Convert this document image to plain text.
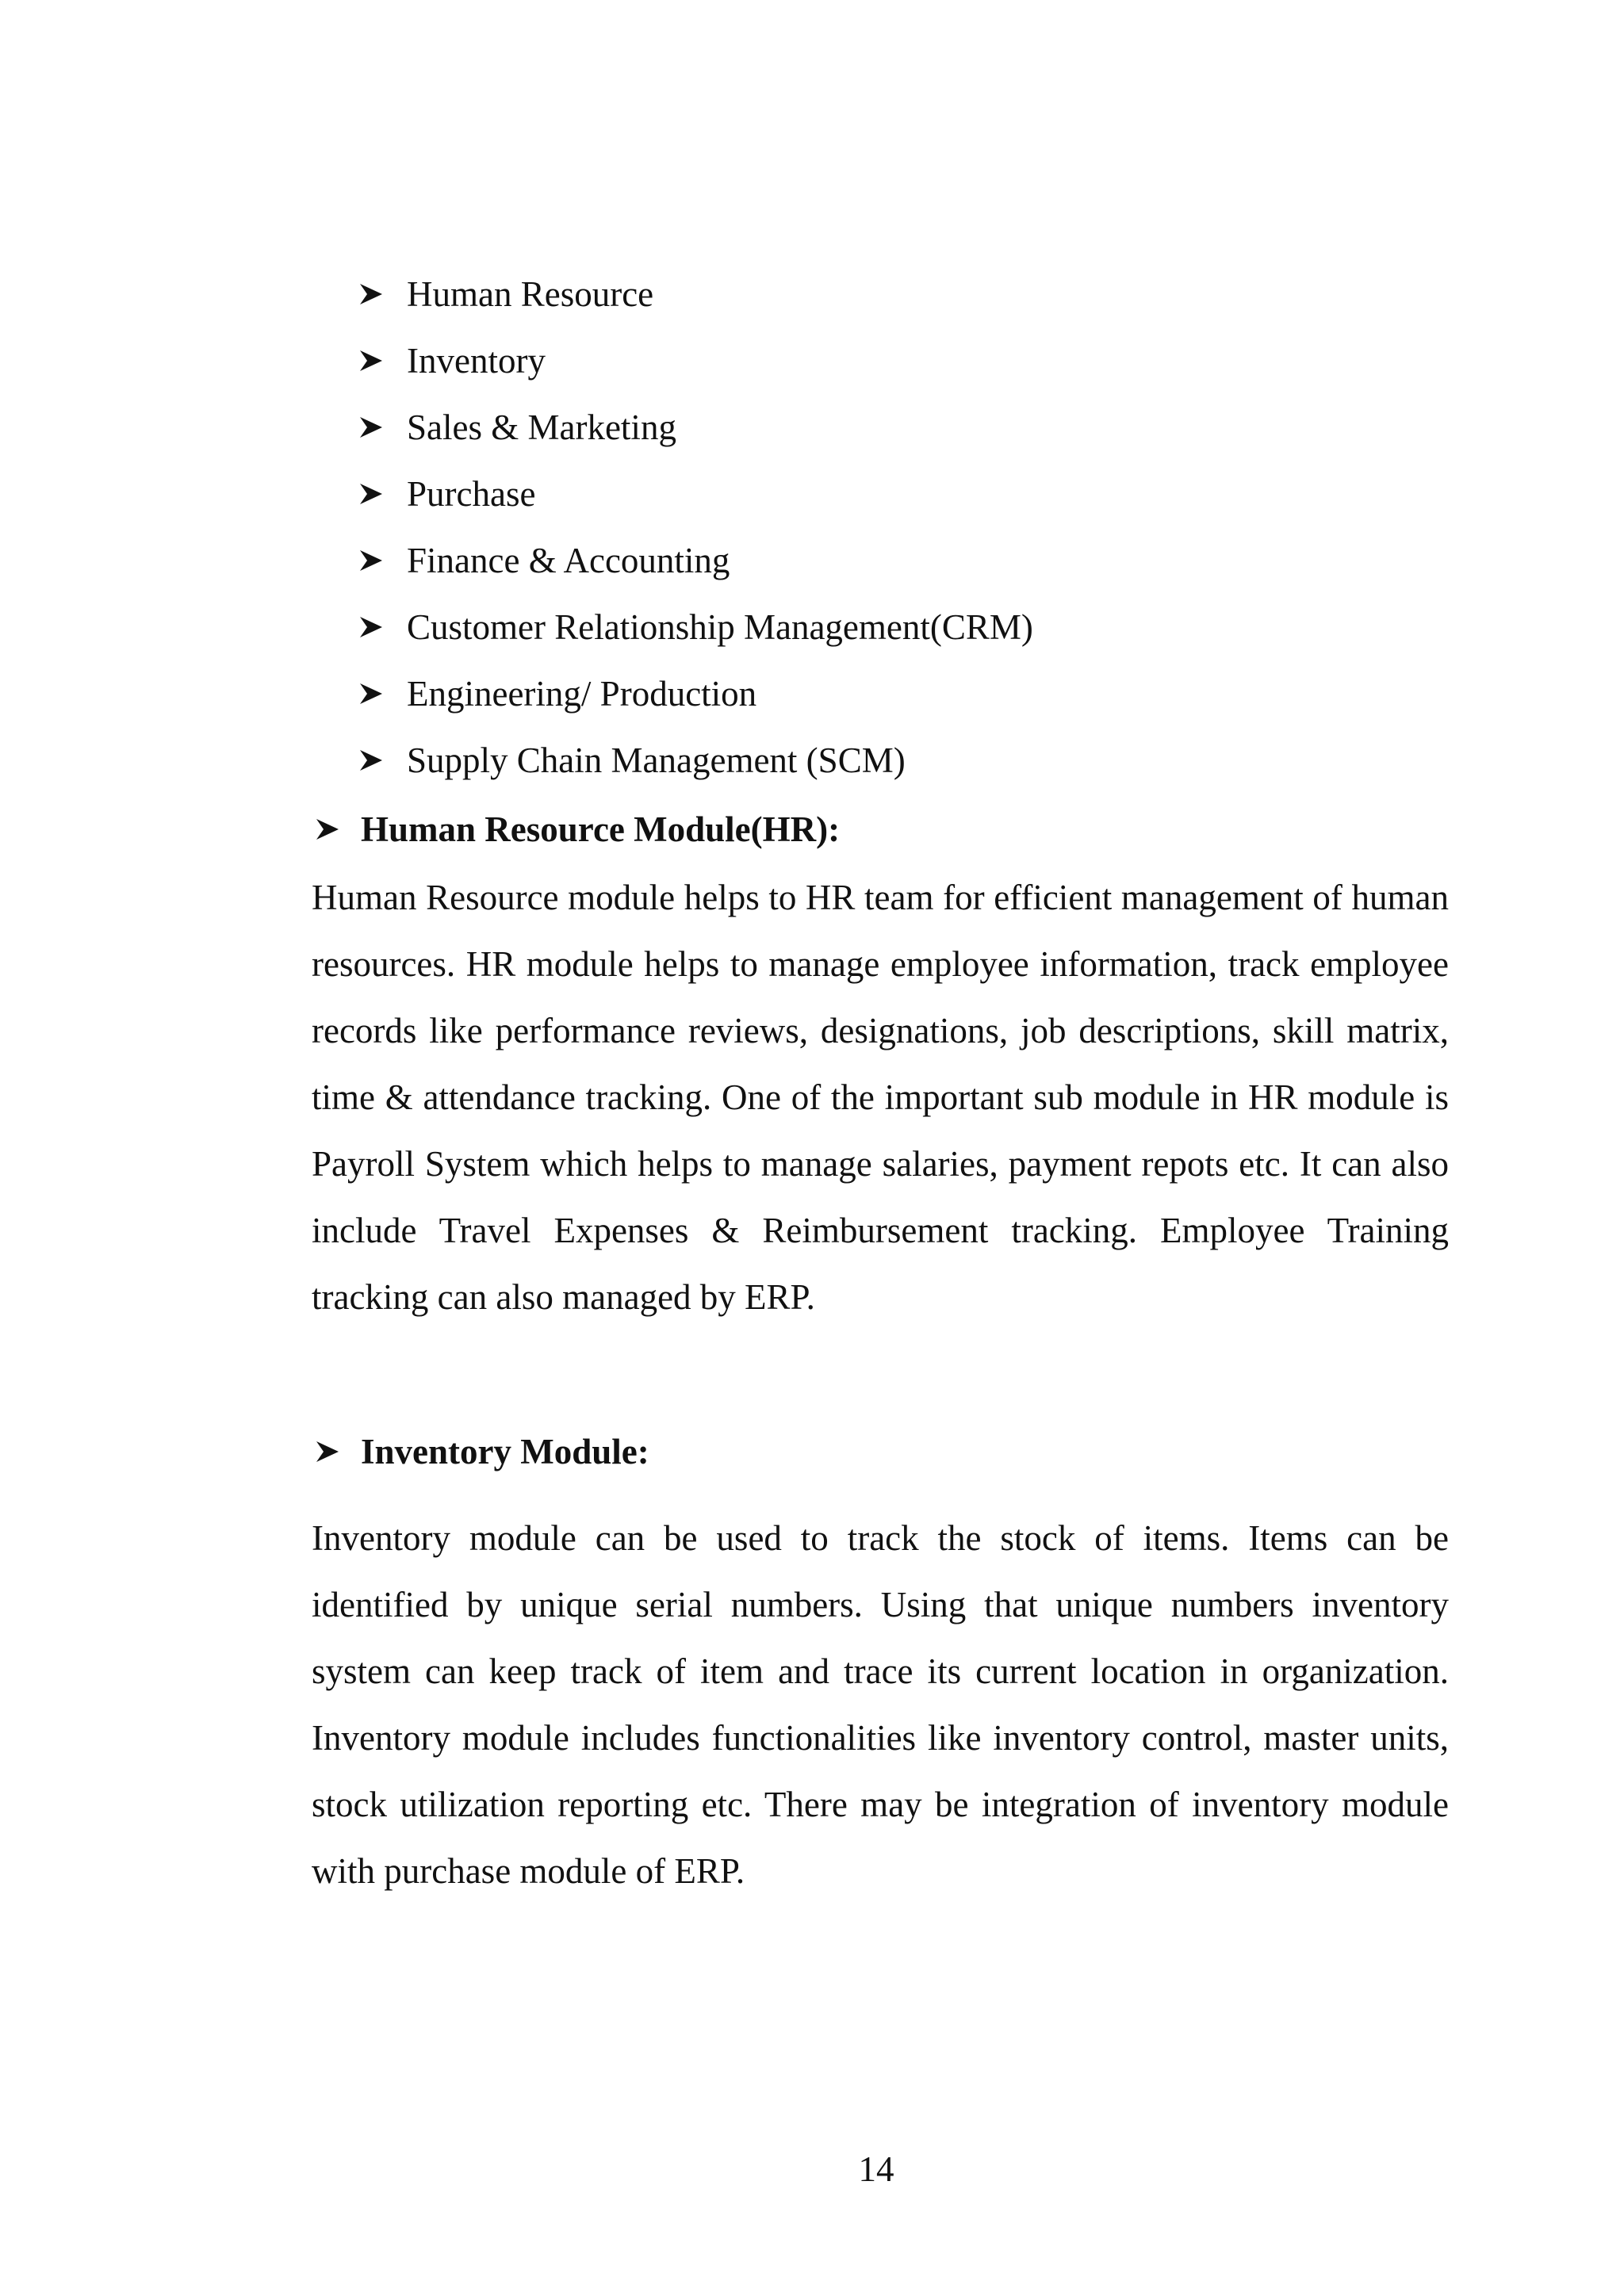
Human Resource
Inventory
Sales & Marketing
Purchase
Finance & Accounting
Customer Relationship Management(CRM)
Engineering/ Production
Supply Chain Management (SCM)
Human Resource Module(HR):

Human Resource module helps to HR team for efficient management of human resources. HR module helps to manage employee information, track employee records like performance reviews, designations, job descriptions, skill matrix, time & attendance tracking. One of the important sub module in HR module is Payroll System which helps to manage salaries, payment repots etc. It can also include Travel Expenses & Reimbursement tracking. Employee Training tracking can also managed by ERP.

Inventory Module:

Inventory module can be used to track the stock of items. Items can be identified by unique serial numbers. Using that unique numbers inventory system can keep track of item and trace its current location in organization. Inventory module includes functionalities like inventory control, master units, stock utilization reporting etc. There may be integration of inventory module with purchase module of ERP.

14
